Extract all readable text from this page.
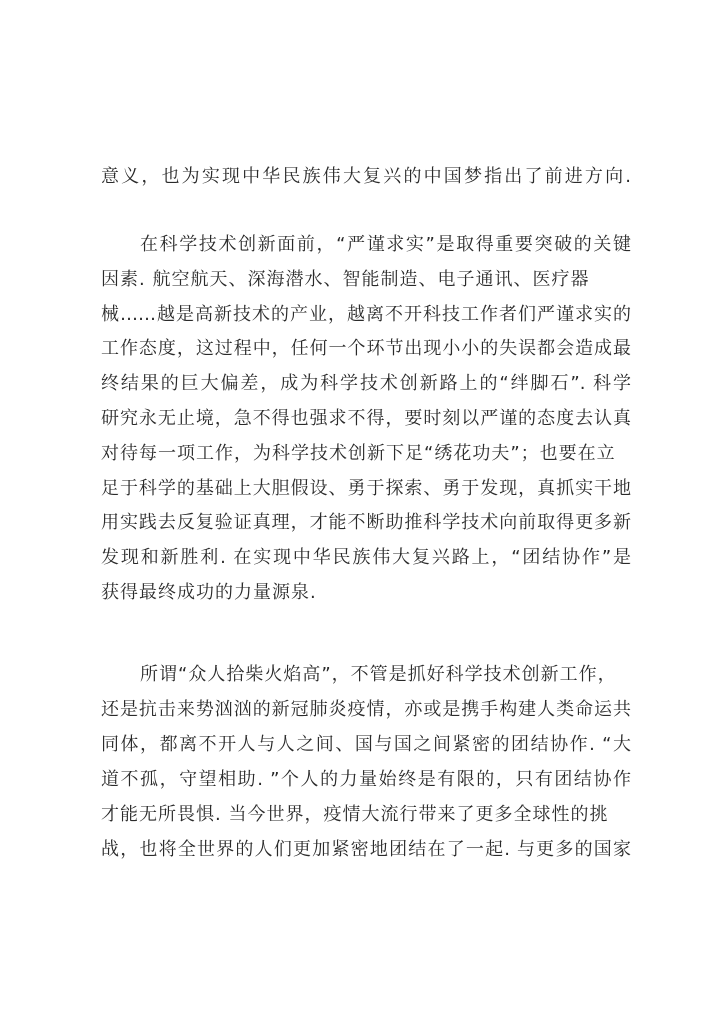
意义，也为实现中华民族伟大复兴的中国梦指出了前进方向.
在科学技术创新面前，“严谨求实”是取得重要突破的关键
因素. 航空航天、深海潜水、智能制造、电子通讯、医疗器
械……越是高新技术的产业，越离不开科技工作者们严谨求实的
工作态度，这过程中，任何一个环节出现小小的失误都会造成最
终结果的巨大偏差，成为科学技术创新路上的“绊脚石”. 科学
研究永无止境，急不得也强求不得，要时刻以严谨的态度去认真
对待每一项工作，为科学技术创新下足“绣花功夫”；也要在立
足于科学的基础上大胆假设、勇于探索、勇于发现，真抓实干地
用实践去反复验证真理，才能不断助推科学技术向前取得更多新
发现和新胜利. 在实现中华民族伟大复兴路上，“团结协作”是
获得最终成功的力量源泉.
所谓“众人拾柴火焰高”，不管是抓好科学技术创新工作，
还是抗击来势汹汹的新冠肺炎疫情，亦或是携手构建人类命运共
同体，都离不开人与人之间、国与国之间紧密的团结协作. “大
道不孤，守望相助. ”个人的力量始终是有限的，只有团结协作
才能无所畏惧. 当今世界，疫情大流行带来了更多全球性的挑
战，也将全世界的人们更加紧密地团结在了一起. 与更多的国家
